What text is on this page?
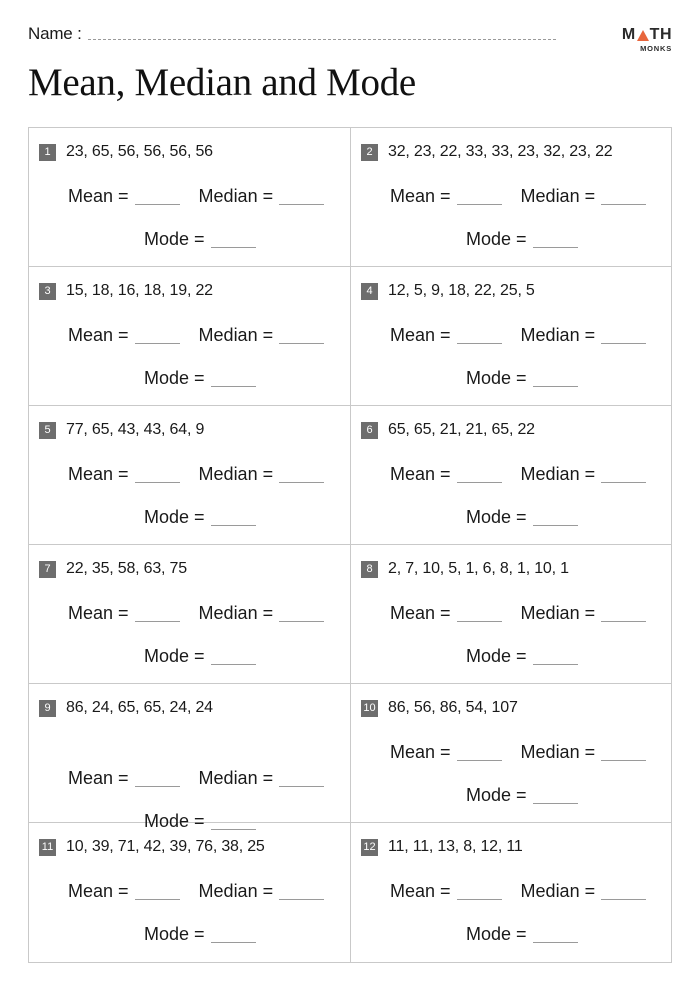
Name :	M TH
MONKS
Mean, Median and Mode
1 23, 65, 56, 56, 56, 56
Mean =	Median =
Mode =
2 32, 23, 22, 33, 33, 23, 32, 23, 22
Mean =	Median =
Mode =
3 15, 18, 16, 18, 19, 22
Mean =	Median =
Mode =
4 12, 5, 9, 18, 22, 25, 5
Mean =	Median =
Mode =
5 77, 65, 43, 43, 64, 9
Mean =	Median =
Mode =
6 65, 65, 21, 21, 65, 22
Mean =	Median =
Mode =
7 22, 35, 58, 63, 75
Mean =	Median =
Mode =
8 2, 7, 10, 5, 1, 6, 8, 1, 10, 1
Mean =	Median =
Mode =
9 86, 24, 65, 65, 24, 24
Mean =	Median =
Mode =
10 86, 56, 86, 54, 107
Mean =	Median =
Mode =
11 10, 39, 71, 42, 39, 76, 38, 25
Mean =	Median =
Mode =
12 11, 11, 13, 8, 12, 11
Mean =	Median =
Mode =
